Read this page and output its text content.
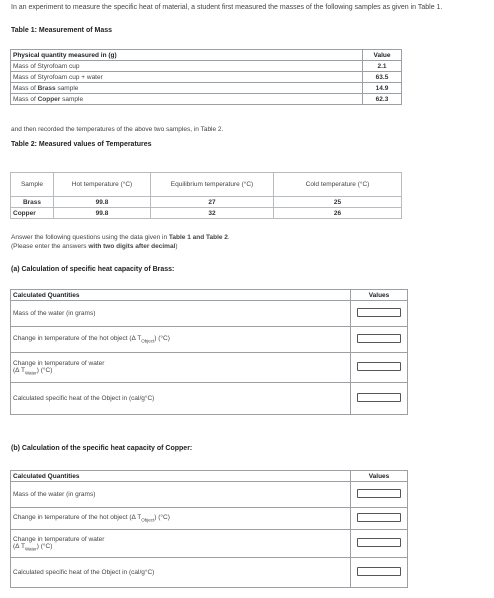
In an experiment to measure the specific heat of material, a student first measured the masses of the following samples as given in Table 1.
Table 1: Measurement of Mass
Physical quantity measured in (g)	Value
Mass of Styrofoam cup	2.1
Mass of Styrofoam cup + water	63.5
Mass of Brass sample	14.9
Mass of Copper sample	62.3
and then recorded the temperatures of the above two samples, in Table 2.
Table 2: Measured values of Temperatures
Sample	Hot temperature (°C)	Equilibrium temperature (°C)	Cold temperature (°C)
Brass	99.8	27	25
Copper	99.8	32	26
Answer the following questions using the data given in Table 1 and Table 2.
(Please enter the answers with two digits after decimal)
(a) Calculation of specific heat capacity of Brass:
Calculated Quantities	Values
Mass of the water (in grams)	
Change in temperature of the hot object (Δ $T_{Object}$) (°C)	

Change in temperature of water
(Δ $T_{Water}$) (°C)	

Calculated specific heat of the Object in (cal/g°C)	
(b) Calculation of the specific heat capacity of Copper:
Calculated Quantities	Values
Mass of the water (in grams)	
Change in temperature of the hot object (Δ $T_{Object}$) (°C)	

Change in temperature of water
(Δ $T_{Water}$) (°C)	

Calculated specific heat of the Object in (cal/g°C)	
